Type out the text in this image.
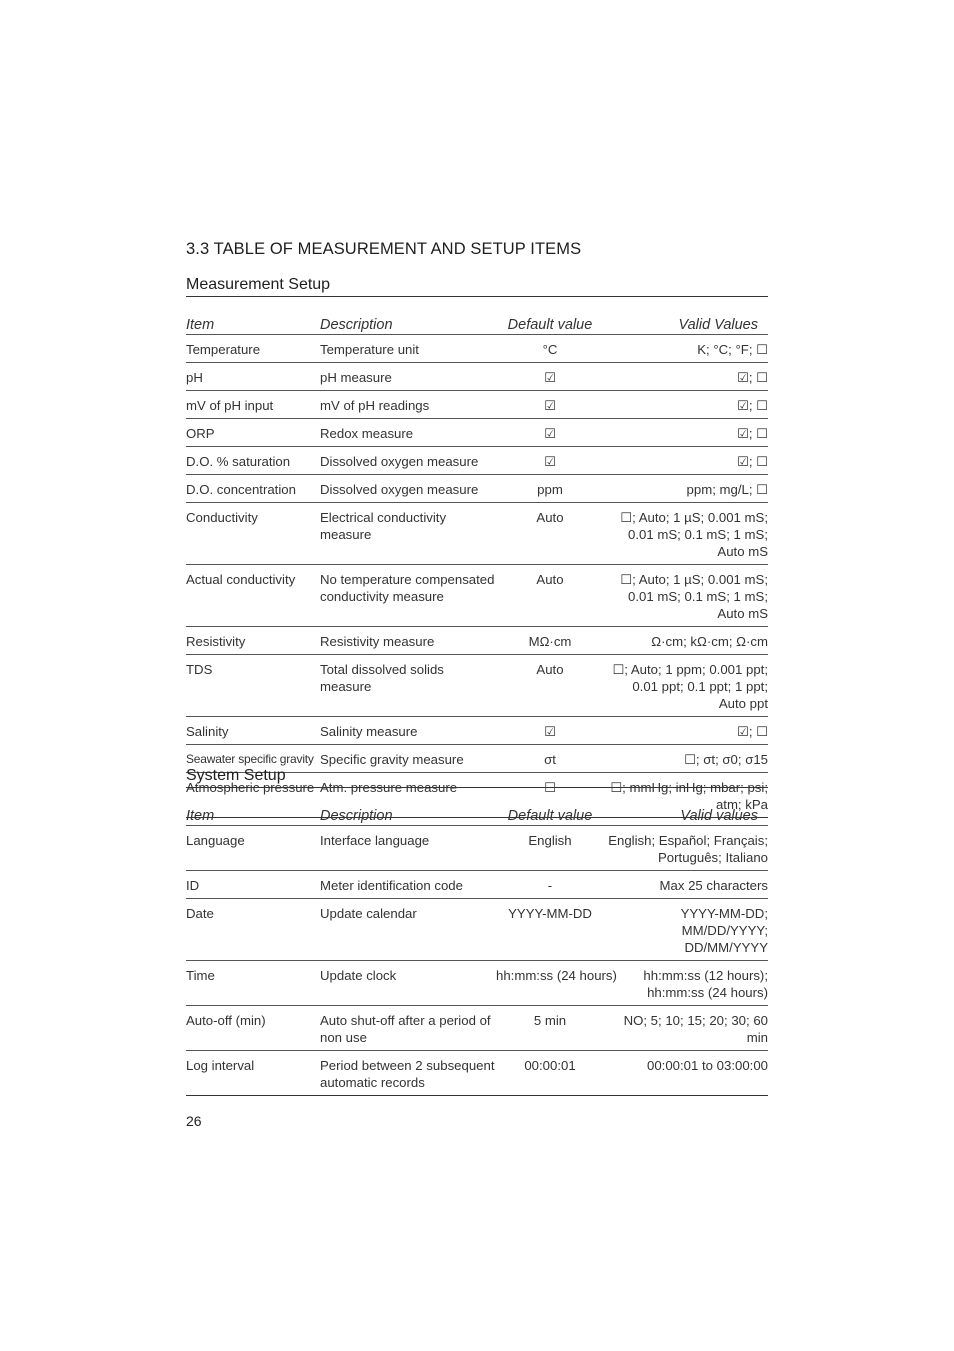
3.3 TABLE OF MEASUREMENT AND SETUP ITEMS
Measurement Setup
Item	Description	Default value	Valid Values
Temperature	Temperature unit	°C	K; °C; °F; ☐
pH	pH measure	☑	☑; ☐
mV of pH input	mV of pH readings	☑	☑; ☐
ORP	Redox measure	☑	☑; ☐
D.O. % saturation	Dissolved oxygen measure	☑	☑; ☐
D.O. concentration	Dissolved oxygen measure	ppm	ppm; mg/L; ☐
Conductivity	Electrical conductivity measure	Auto	☐; Auto; 1 µS; 0.001 mS; 0.01 mS; 0.1 mS; 1 mS; Auto mS
Actual conductivity	No temperature compensated conductivity measure	Auto	☐; Auto; 1 µS; 0.001 mS; 0.01 mS; 0.1 mS; 1 mS; Auto mS
Resistivity	Resistivity measure	MΩ·cm	Ω·cm; kΩ·cm; Ω·cm
TDS	Total dissolved solids measure	Auto	☐; Auto; 1 ppm; 0.001 ppt; 0.01 ppt; 0.1 ppt; 1 ppt; Auto ppt
Salinity	Salinity measure	☑	☑; ☐
Seawater specific gravity	Specific gravity measure	σt	☐; σt; σ0; σ15
Atmospheric pressure	Atm. pressure measure	☐	☐; mmHg; inHg; mbar; psi; atm; kPa
System Setup
Item	Description	Default value	Valid values
Language	Interface language	English	English; Español; Français; Português; Italiano
ID	Meter identification code	-	Max 25 characters
Date	Update calendar	YYYY-MM-DD	YYYY-MM-DD; MM/DD/YYYY; DD/MM/YYYY
Time	Update clock	hh:mm:ss (24 hours)	hh:mm:ss (12 hours); hh:mm:ss (24 hours)
Auto-off (min)	Auto shut-off after a period of non use	5 min	NO; 5; 10; 15; 20; 30; 60 min
Log interval	Period between 2 subsequent automatic records	00:00:01	00:00:01 to 03:00:00
26
